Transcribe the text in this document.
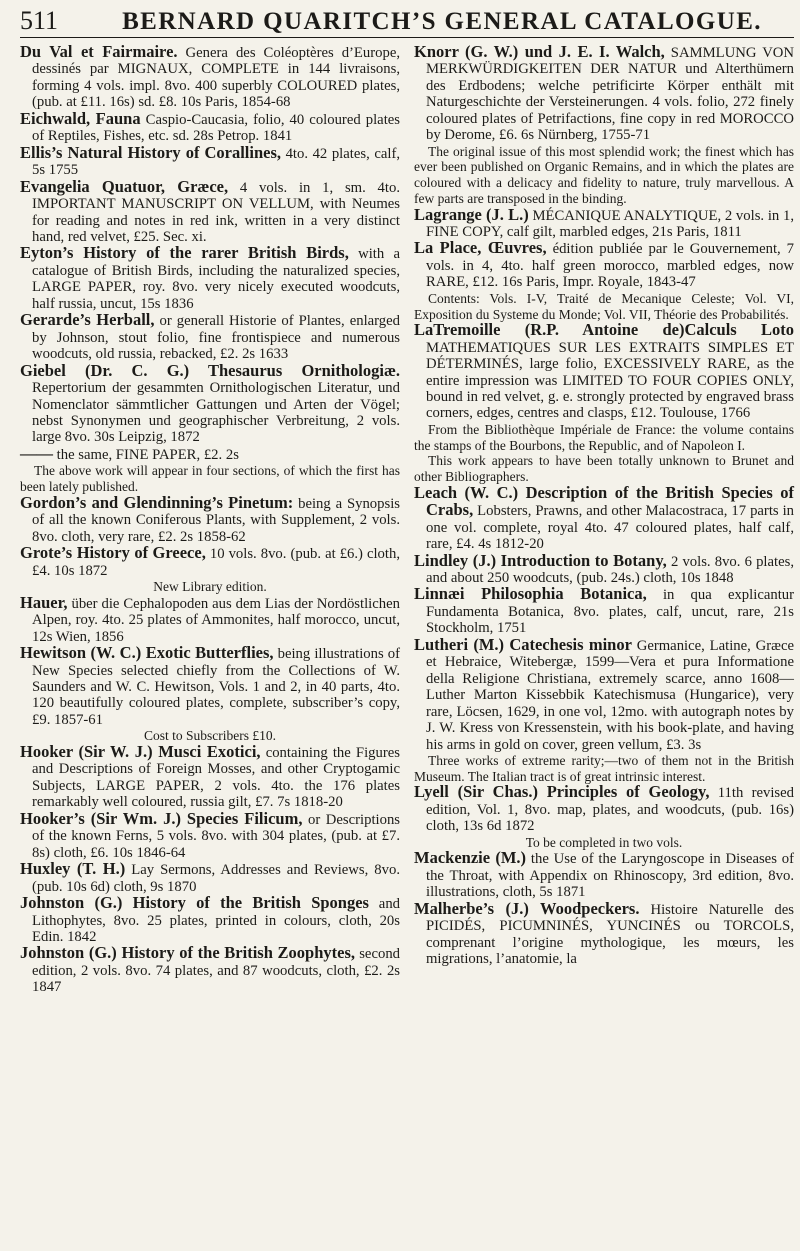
511	BERNARD QUARITCH’S GENERAL CATALOGUE.

Du Val et Fairmaire. Genera des Coléoptères d’Europe, dessinés par MIGNAUX, COMPLETE in 144 livraisons, forming 4 vols. impl. 8vo. 400 superbly COLOURED plates, (pub. at £11. 16s) sd. £8. 10s Paris, 1854-68

Eichwald, Fauna Caspio-Caucasia, folio, 40 coloured plates of Reptiles, Fishes, etc. sd. 28s Petrop. 1841

Ellis’s Natural History of Corallines, 4to. 42 plates, calf, 5s 1755

Evangelia Quatuor, Græce, 4 vols. in 1, sm. 4to. IMPORTANT MANUSCRIPT ON VELLUM, with Neumes for reading and notes in red ink, written in a very distinct hand, red velvet, £25. Sec. xi.

Eyton’s History of the rarer British Birds, with a catalogue of British Birds, including the naturalized species, LARGE PAPER, roy. 8vo. very nicely executed woodcuts, half russia, uncut, 15s 1836

Gerarde’s Herball, or generall Historie of Plantes, enlarged by Johnson, stout folio, fine frontispiece and numerous woodcuts, old russia, rebacked, £2. 2s 1633

Giebel (Dr. C. G.) Thesaurus Ornithologiæ. Repertorium der gesammten Ornithologischen Literatur, und Nomenclator sämmtlicher Gattungen und Arten der Vögel; nebst Synonymen und geographischer Verbreitung, 2 vols. large 8vo. 30s Leipzig, 1872

—— the same, FINE PAPER, £2. 2s

The above work will appear in four sections, of which the first has been lately published.

Gordon’s and Glendinning’s Pinetum: being a Synopsis of all the known Coniferous Plants, with Supplement, 2 vols. 8vo. cloth, very rare, £2. 2s 1858-62

Grote’s History of Greece, 10 vols. 8vo. (pub. at £6.) cloth, £4. 10s 1872

New Library edition.

Hauer, über die Cephalopoden aus dem Lias der Nordöstlichen Alpen, roy. 4to. 25 plates of Ammonites, half morocco, uncut, 12s Wien, 1856

Hewitson (W. C.) Exotic Butterflies, being illustrations of New Species selected chiefly from the Collections of W. Saunders and W. C. Hewitson, Vols. 1 and 2, in 40 parts, 4to. 120 beautifully coloured plates, complete, subscriber’s copy, £9. 1857-61

Cost to Subscribers £10.

Hooker (Sir W. J.) Musci Exotici, containing the Figures and Descriptions of Foreign Mosses, and other Cryptogamic Subjects, LARGE PAPER, 2 vols. 4to. the 176 plates remarkably well coloured, russia gilt, £7. 7s 1818-20

Hooker’s (Sir Wm. J.) Species Filicum, or Descriptions of the known Ferns, 5 vols. 8vo. with 304 plates, (pub. at £7. 8s) cloth, £6. 10s 1846-64

Huxley (T. H.) Lay Sermons, Addresses and Reviews, 8vo. (pub. 10s 6d) cloth, 9s 1870

Johnston (G.) History of the British Sponges and Lithophytes, 8vo. 25 plates, printed in colours, cloth, 20s Edin. 1842

Johnston (G.) History of the British Zoophytes, second edition, 2 vols. 8vo. 74 plates, and 87 woodcuts, cloth, £2. 2s 1847

Knorr (G. W.) und J. E. I. Walch, SAMMLUNG VON MERKWÜRDIGKEITEN DER NATUR und Alterthümern des Erdbodens; welche petrificirte Körper enthält mit Naturgeschichte der Versteinerungen. 4 vols. folio, 272 finely coloured plates of Petrifactions, fine copy in red MOROCCO by Derome, £6. 6s Nürnberg, 1755-71

The original issue of this most splendid work; the finest which has ever been published on Organic Remains, and in which the plates are coloured with a delicacy and fidelity to nature, truly marvellous. A few parts are transposed in the binding.

Lagrange (J. L.) MÉCANIQUE ANALYTIQUE, 2 vols. in 1, FINE COPY, calf gilt, marbled edges, 21s Paris, 1811

La Place, Œuvres, édition publiée par le Gouvernement, 7 vols. in 4, 4to. half green morocco, marbled edges, now RARE, £12. 16s Paris, Impr. Royale, 1843-47

Contents: Vols. I-V, Traité de Mecanique Celeste; Vol. VI, Exposition du Systeme du Monde; Vol. VII, Théorie des Probabilités.

LaTremoille (R.P. Antoine de)Calculs Loto MATHEMATIQUES SUR LES EXTRAITS SIMPLES ET DÉTERMINÉS, large folio, EXCESSIVELY RARE, as the entire impression was LIMITED TO FOUR COPIES ONLY, bound in red velvet, g. e. strongly protected by engraved brass corners, edges, centres and clasps, £12. Toulouse, 1766

From the Bibliothèque Impériale de France: the volume contains the stamps of the Bourbons, the Republic, and of Napoleon I.

This work appears to have been totally unknown to Brunet and other Bibliographers.

Leach (W. C.) Description of the British Species of Crabs, Lobsters, Prawns, and other Malacostraca, 17 parts in one vol. complete, royal 4to. 47 coloured plates, half calf, rare, £4. 4s 1812-20

Lindley (J.) Introduction to Botany, 2 vols. 8vo. 6 plates, and about 250 woodcuts, (pub. 24s.) cloth, 10s 1848

Linnæi Philosophia Botanica, in qua explicantur Fundamenta Botanica, 8vo. plates, calf, uncut, rare, 21s Stockholm, 1751

Lutheri (M.) Catechesis minor Germanice, Latine, Græce et Hebraice, Witebergæ, 1599—Vera et pura Informatione della Religione Christiana, extremely scarce, anno 1608—Luther Marton Kissebbik Katechismusa (Hungarice), very rare, Löcsen, 1629, in one vol, 12mo. with autograph notes by J. W. Kress von Kressenstein, with his book-plate, and having his arms in gold on cover, green vellum, £3. 3s

Three works of extreme rarity;—two of them not in the British Museum. The Italian tract is of great intrinsic interest.

Lyell (Sir Chas.) Principles of Geology, 11th revised edition, Vol. 1, 8vo. map, plates, and woodcuts, (pub. 16s) cloth, 13s 6d 1872

To be completed in two vols.

Mackenzie (M.) the Use of the Laryngoscope in Diseases of the Throat, with Appendix on Rhinoscopy, 3rd edition, 8vo. illustrations, cloth, 5s 1871

Malherbe’s (J.) Woodpeckers. Histoire Naturelle des PICIDÉS, PICUMNINÉS, YUNCINÉS ou TORCOLS, comprenant l’origine mythologique, les mœurs, les migrations, l’anatomie, la
